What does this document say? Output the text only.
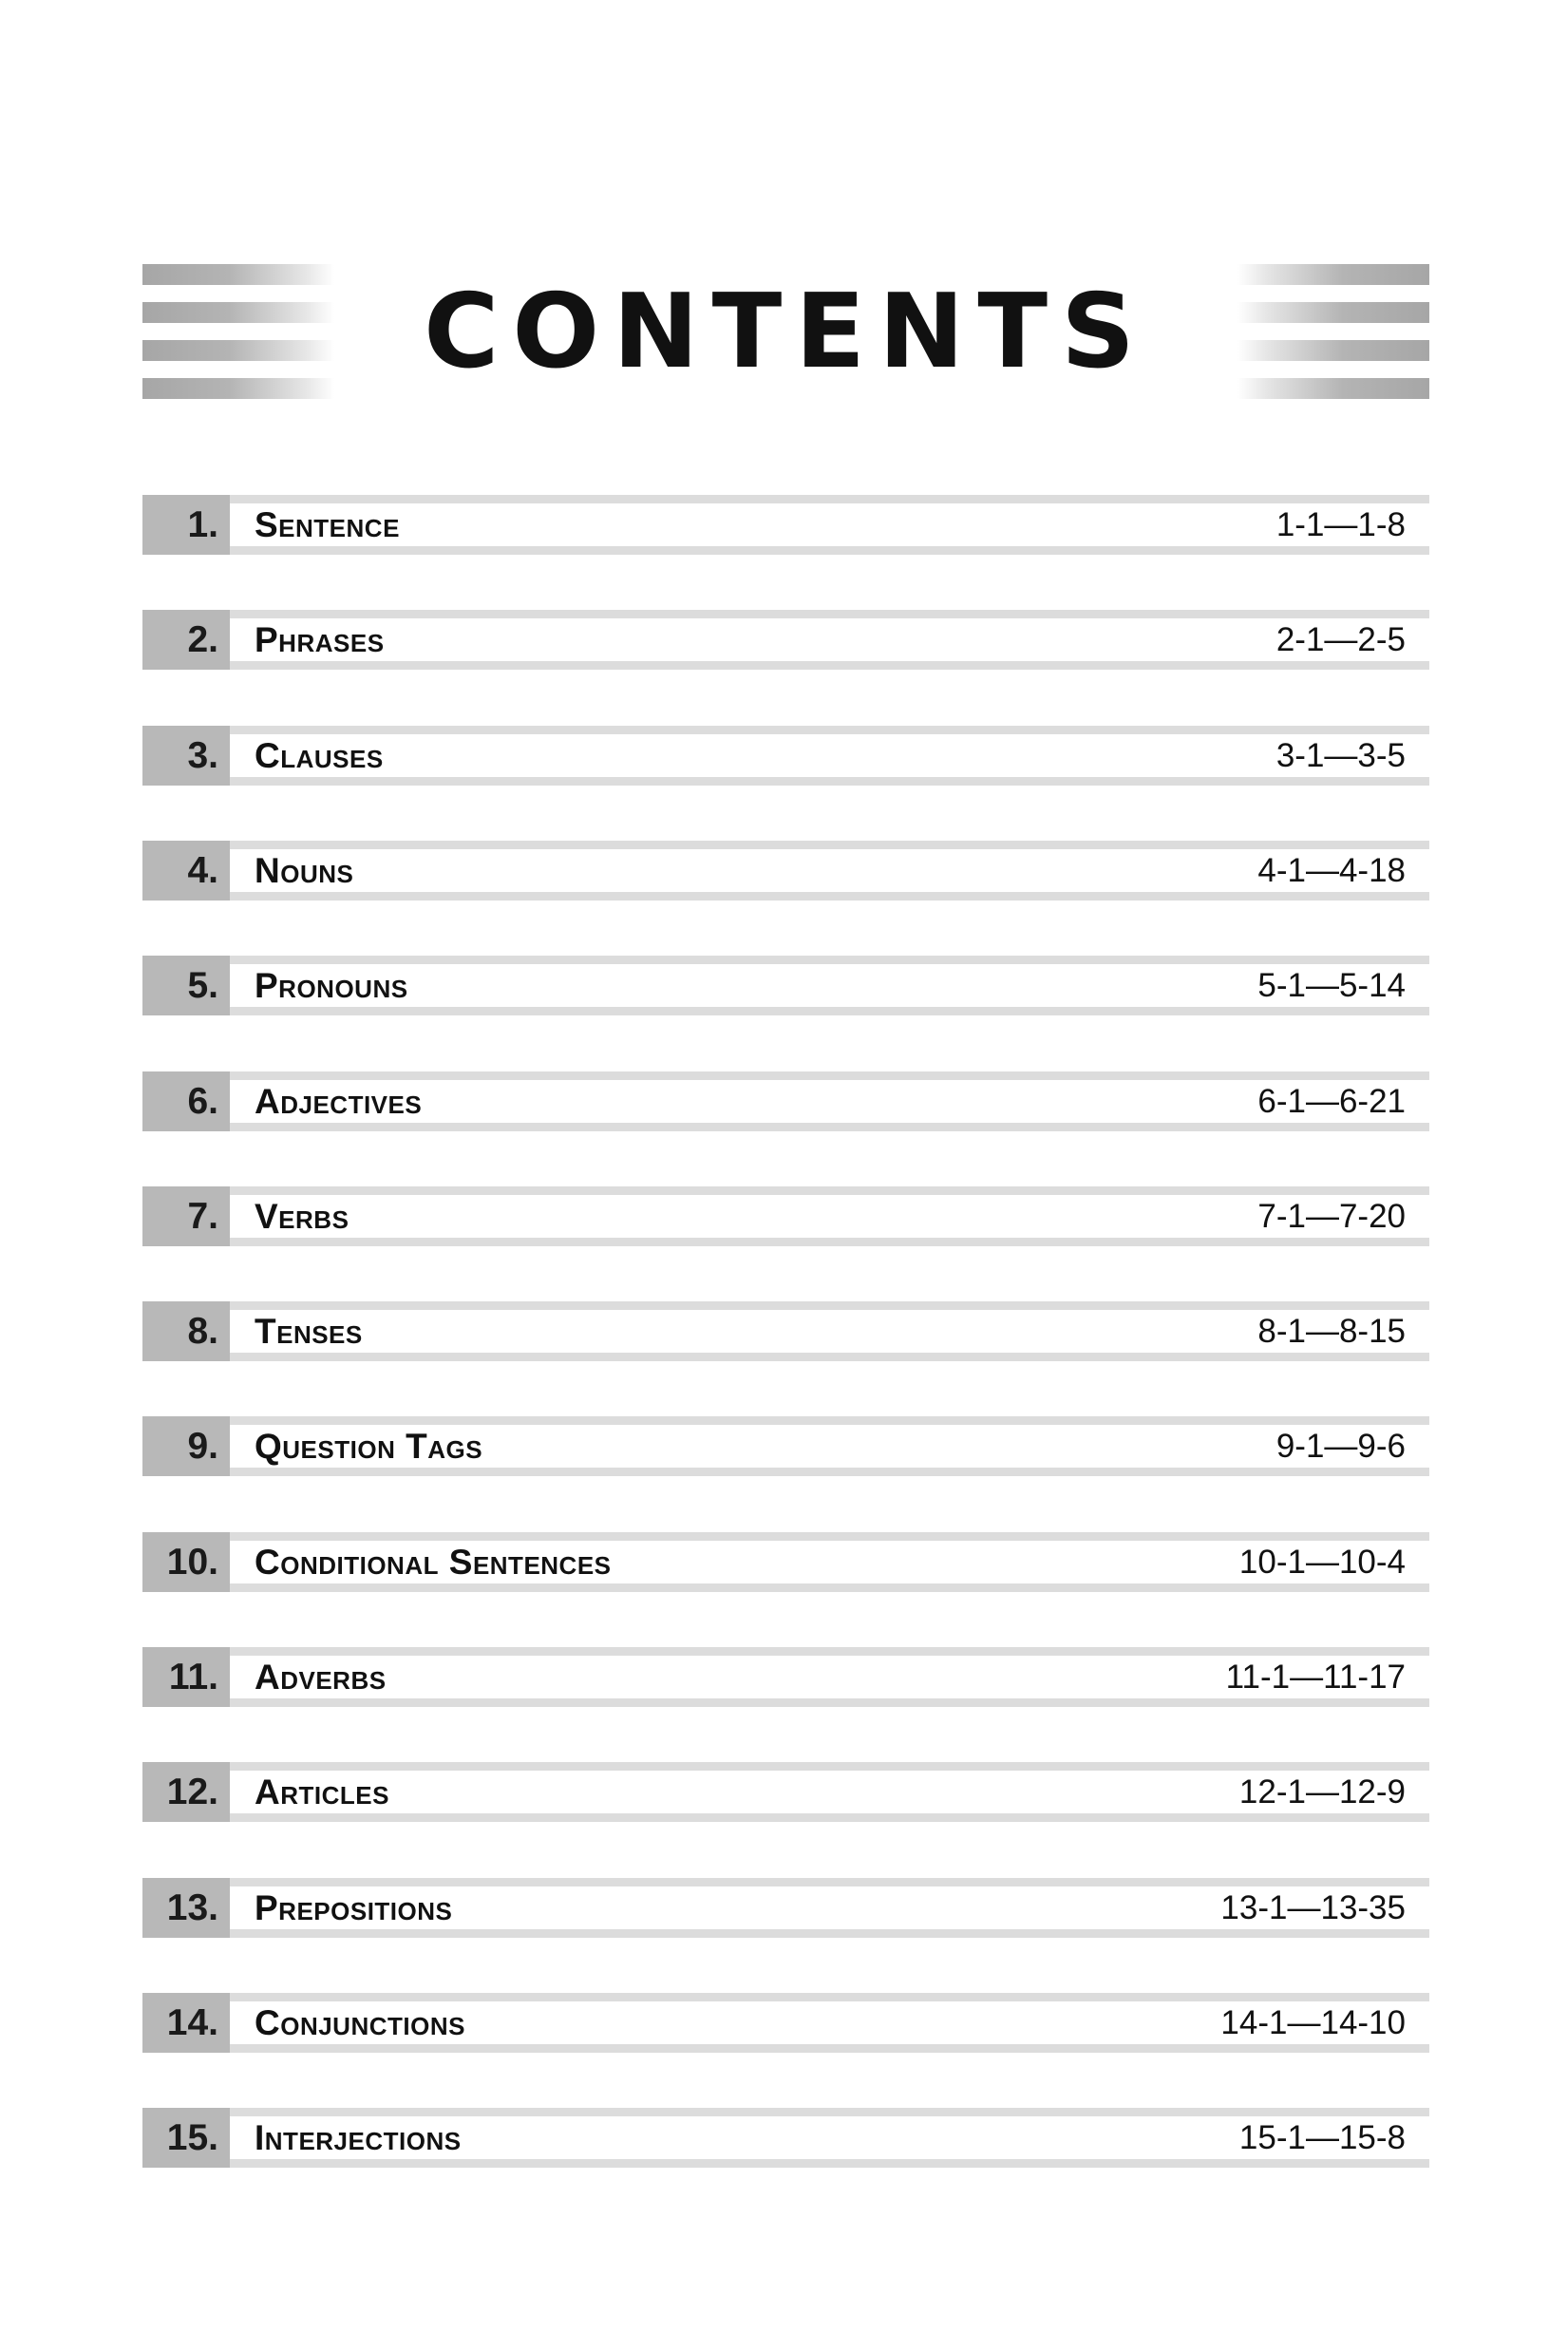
CONTENTS
1. Sentence	1-1—1-8
2. Phrases	2-1—2-5
3. Clauses	3-1—3-5
4. Nouns	4-1—4-18
5. Pronouns	5-1—5-14
6. Adjectives	6-1—6-21
7. Verbs	7-1—7-20
8. Tenses	8-1—8-15
9. Question Tags	9-1—9-6
10. Conditional Sentences	10-1—10-4
11. Adverbs	11-1—11-17
12. Articles	12-1—12-9
13. Prepositions	13-1—13-35
14. Conjunctions	14-1—14-10
15. Interjections	15-1—15-8
